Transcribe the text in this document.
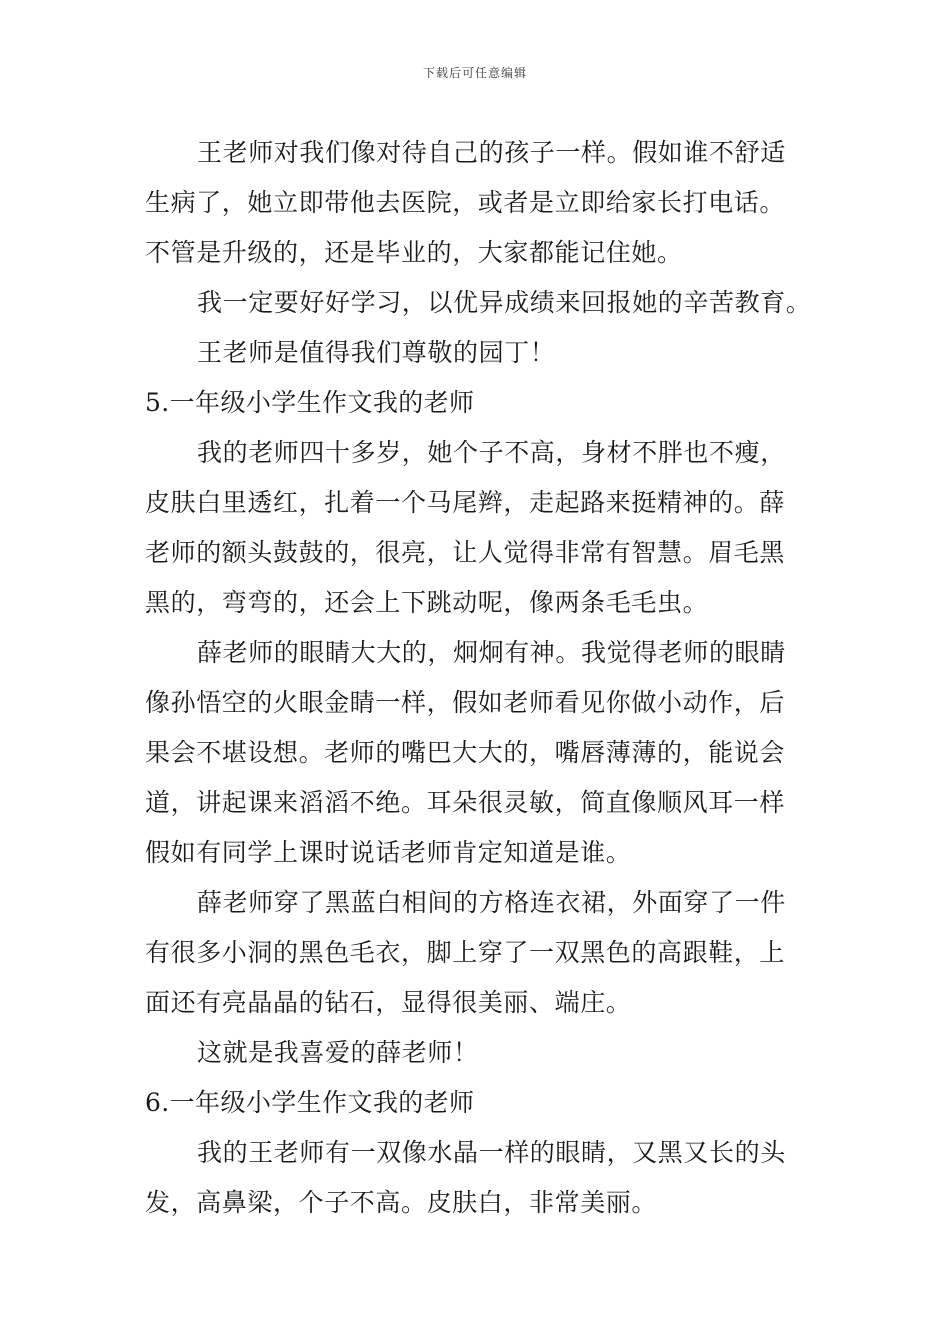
下载后可任意编辑
王老师对我们像对待自己的孩子一样。假如谁不舒适
生病了，她立即带他去医院，或者是立即给家长打电话。
不管是升级的，还是毕业的，大家都能记住她。
我一定要好好学习，以优异成绩来回报她的辛苦教育。
王老师是值得我们尊敬的园丁！
5.一年级小学生作文我的老师
我的老师四十多岁，她个子不高，身材不胖也不瘦，
皮肤白里透红，扎着一个马尾辫，走起路来挺精神的。薛
老师的额头鼓鼓的，很亮，让人觉得非常有智慧。眉毛黑
黑的，弯弯的，还会上下跳动呢，像两条毛毛虫。
薛老师的眼睛大大的，炯炯有神。我觉得老师的眼睛
像孙悟空的火眼金睛一样，假如老师看见你做小动作，后
果会不堪设想。老师的嘴巴大大的，嘴唇薄薄的，能说会
道，讲起课来滔滔不绝。耳朵很灵敏，简直像顺风耳一样
假如有同学上课时说话老师肯定知道是谁。
薛老师穿了黑蓝白相间的方格连衣裙，外面穿了一件
有很多小洞的黑色毛衣，脚上穿了一双黑色的高跟鞋，上
面还有亮晶晶的钻石，显得很美丽、端庄。
这就是我喜爱的薛老师！
6.一年级小学生作文我的老师
我的王老师有一双像水晶一样的眼睛，又黑又长的头
发，高鼻梁，个子不高。皮肤白，非常美丽。
